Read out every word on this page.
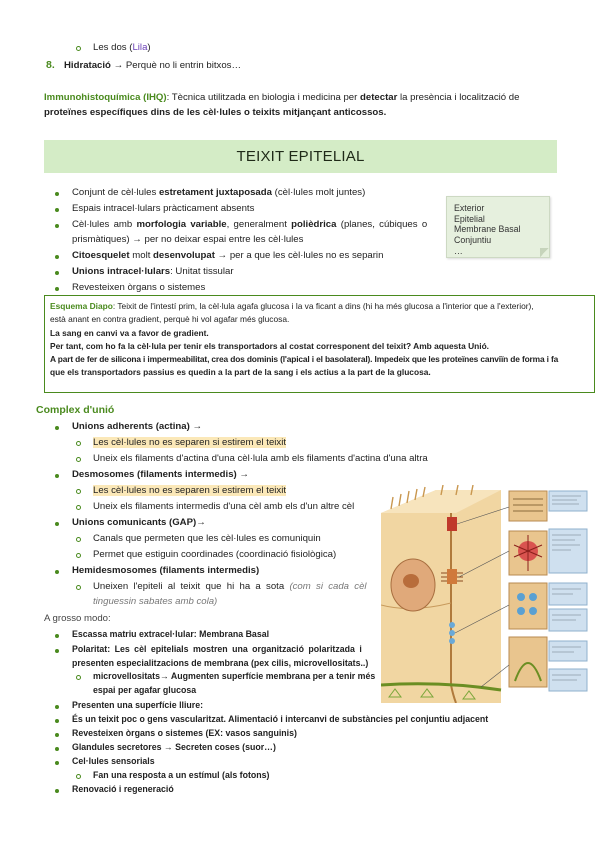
Les dos (Lila)
8. Hidratació → Perquè no li entrin bitxos…
Immunohistoquímica (IHQ): Tècnica utilitzada en biologia i medicina per detectar la presència i localització de
proteïnes específiques dins de les cèl·lules o teixits mitjançant anticossos.
TEIXIT EPITELIAL
Exterior
Epitelial
Membrane Basal
Conjuntiu
…
Conjunt de cèl·lules estretament juxtaposada (cèl·lules molt juntes)
Espais intracel·lulars pràcticament absents
Cèl·lules amb morfologia variable, generalment polièdrica (planes, cúbiques o
prismàtiques) → per no deixar espai entre les cèl·lules
Citoesquelet molt desenvolupat → per a que les cèl·lules no es separin
Unions intracel·lulars: Unitat tissular
Revesteixen òrgans o sistemes
Esquema Diapo: Teixit de l'intestí prim, la cèl·lula agafa glucosa i la va ficant a dins (hi ha més glucosa a l'interior que a l'exterior),
està anant en contra gradient, perquè hi vol agafar més glucosa.
La sang en canvi va a favor de gradient.
Per tant, com ho fa la cèl·lula per tenir els transportadors al costat corresponent del teixit? Amb aquesta Unió.
A part de fer de silicona i impermeabilitat, crea dos dominis (l'apical i el basolateral). Impedeix que les proteïnes canviïn de forma i fa
que els transportadors passius es quedin a la part de la sang i els actius a la part de la glucosa.
Complex d'unió
Unions adherents (actina) →
Les cèl·lules no es separen si estirem el teixit
Uneix els filaments d'actina d'una cèl·lula amb els filaments d'actina d'una altra
Desmosomes (filaments intermedis) →
Les cèl·lules no es separen si estirem el teixit
Uneix els filaments intermedis d'una cèl amb els d'un altre cèl
Unions comunicants (GAP)→
Canals que permeten que les cèl·lules es comuniquin
Permet que estiguin coordinades (coordinació fisiològica)
Hemidesmosomes (filaments intermedis)
Uneixen l'epiteli al teixit que hi ha a sota (com si cada cèl
tinguessin sabates amb cola)
A grosso modo:
Escassa matriu extracel·lular: Membrana Basal
Polaritat: Les cèl epitelials mostren una organització polaritzada i
presenten especialitzacions de membrana (pex cilis, microvellositats..)
microvellositats→ Augmenten superfície membrana per a tenir més
espai per agafar glucosa
Presenten una superfície lliure:
És un teixit poc o gens vascularitzat. Alimentació i intercanvi de substàncies pel conjuntiu adjacent
Revesteixen òrgans o sistemes (EX: vasos sanguinis)
Glandules secretores → Secreten coses (suor…)
Cel·lules sensorials
Fan una resposta a un estímul (als fotons)
Renovació i regeneració
